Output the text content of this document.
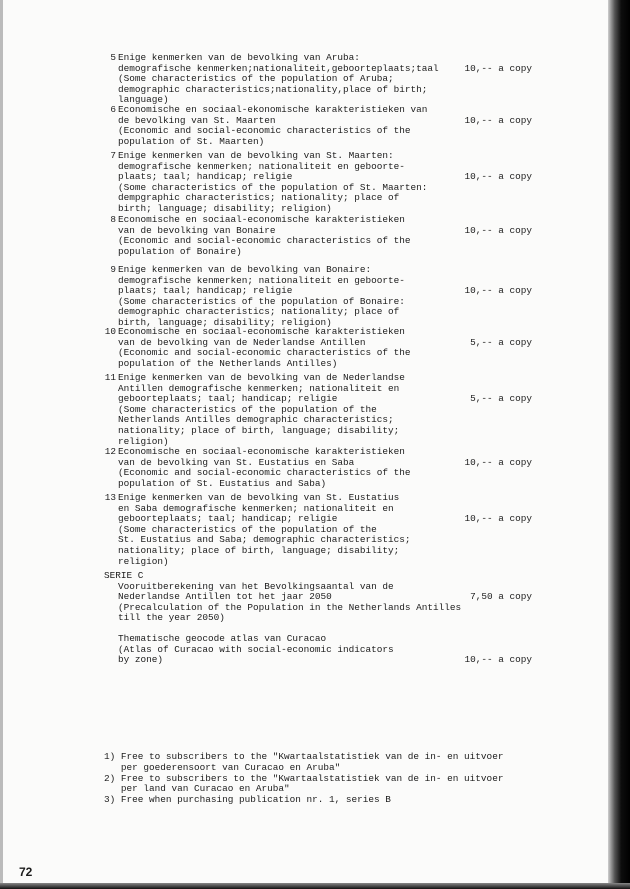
5 Enige kenmerken van de bevolking van Aruba:
demografische kenmerken;nationaliteit,geboorteplaats;taal	10,-- a copy
(Some characteristics of the population of Aruba;
demographic characteristics;nationality,place of birth;
language)
6 Economische en sociaal-ekonomische karakteristieken van
de bevolking van St. Maarten	10,-- a copy
(Economic and social-economic characteristics of the
population of St. Maarten)
7 Enige kenmerken van de bevolking van St. Maarten:
demografische kenmerken; nationaliteit en geboorte-
plaats; taal; handicap; religie	10,-- a copy
(Some characteristics of the population of St. Maarten:
dempgraphic characteristics; nationality; place of
birth; language; disability; religion)
8 Economische en sociaal-economische karakteristieken
van de bevolking van Bonaire	10,-- a copy
(Economic and social-economic characteristics of the
population of Bonaire)
9 Enige kenmerken van de bevolking van Bonaire:
demografische kenmerken; nationaliteit en geboorte-
plaats; taal; handicap; religie	10,-- a copy
(Some characteristics of the population of Bonaire:
demographic characteristics; nationality; place of
birth, language; disability; religion)
10 Economische en sociaal-economische karakteristieken
van de bevolking van de Nederlandse Antillen	5,-- a copy
(Economic and social-economic characteristics of the
population of the Netherlands Antilles)
11 Enige kenmerken van de bevolking van de Nederlandse
Antillen demografische kenmerken; nationaliteit en
geboorteplaats; taal; handicap; religie	5,-- a copy
(Some characteristics of the population of the
Netherlands Antilles demographic characteristics;
nationality; place of birth, language; disability;
religion)
12 Economische en sociaal-economische karakteristieken
van de bevolking van St. Eustatius en Saba	10,-- a copy
(Economic and social-economic characteristics of the
population of St. Eustatius and Saba)
13 Enige kenmerken van de bevolking van St. Eustatius
en Saba demografische kenmerken; nationaliteit en
geboorteplaats; taal; handicap; religie	10,-- a copy
(Some characteristics of the population of the
St. Eustatius and Saba; demographic characteristics;
nationality; place of birth, language; disability;
religion)
SERIE C
Vooruitberekening van het Bevolkingsaantal van de
Nederlandse Antillen tot het jaar 2050	7,50 a copy
(Precalculation of the Population in the Netherlands Antilles
till the year 2050)
Thematische geocode atlas van Curacao
(Atlas of Curacao with social-economic indicators
by zone)	10,-- a copy
1) Free to subscribers to the "Kwartaalstatistiek van de in- en uitvoer
per goederensoort van Curacao en Aruba"
2) Free to subscribers to the "Kwartaalstatistiek van de in- en uitvoer
per land van Curacao en Aruba"
3) Free when purchasing publication nr. 1, series B
72
